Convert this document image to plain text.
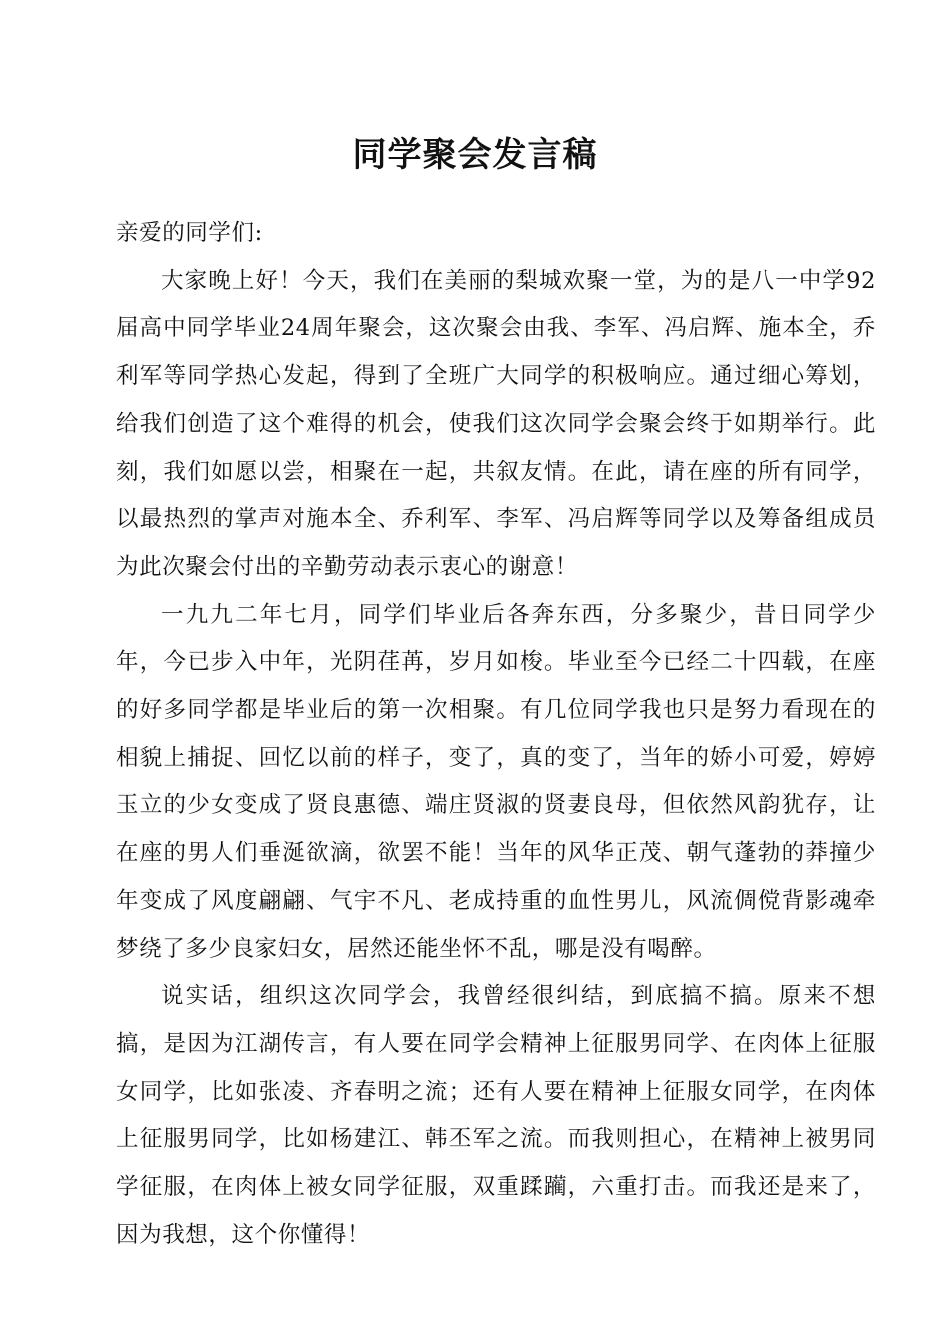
同学聚会发言稿

亲爱的同学们:

大家晚上好！今天，我们在美丽的梨城欢聚一堂，为的是八一中学92届高中同学毕业24周年聚会，这次聚会由我、李军、冯启辉、施本全，乔利军等同学热心发起，得到了全班广大同学的积极响应。通过细心筹划，给我们创造了这个难得的机会，使我们这次同学会聚会终于如期举行。此刻，我们如愿以尝，相聚在一起，共叙友情。在此，请在座的所有同学，以最热烈的掌声对施本全、乔利军、李军、冯启辉等同学以及筹备组成员为此次聚会付出的辛勤劳动表示衷心的谢意！

一九九二年七月，同学们毕业后各奔东西，分多聚少，昔日同学少年，今已步入中年，光阴荏苒，岁月如梭。毕业至今已经二十四载，在座的好多同学都是毕业后的第一次相聚。有几位同学我也只是努力看现在的相貌上捕捉、回忆以前的样子，变了，真的变了，当年的娇小可爱，婷婷玉立的少女变成了贤良惠德、端庄贤淑的贤妻良母，但依然风韵犹存，让在座的男人们垂涎欲滴，欲罢不能！当年的风华正茂、朝气蓬勃的莽撞少年变成了风度翩翩、气宇不凡、老成持重的血性男儿，风流倜傥背影魂牵梦绕了多少良家妇女，居然还能坐怀不乱，哪是没有喝醉。

说实话，组织这次同学会，我曾经很纠结，到底搞不搞。原来不想搞，是因为江湖传言，有人要在同学会精神上征服男同学、在肉体上征服女同学，比如张凌、齐春明之流；还有人要在精神上征服女同学，在肉体上征服男同学，比如杨建江、韩丕军之流。而我则担心，在精神上被男同学征服，在肉体上被女同学征服，双重蹂躏，六重打击。而我还是来了，因为我想，这个你懂得！
